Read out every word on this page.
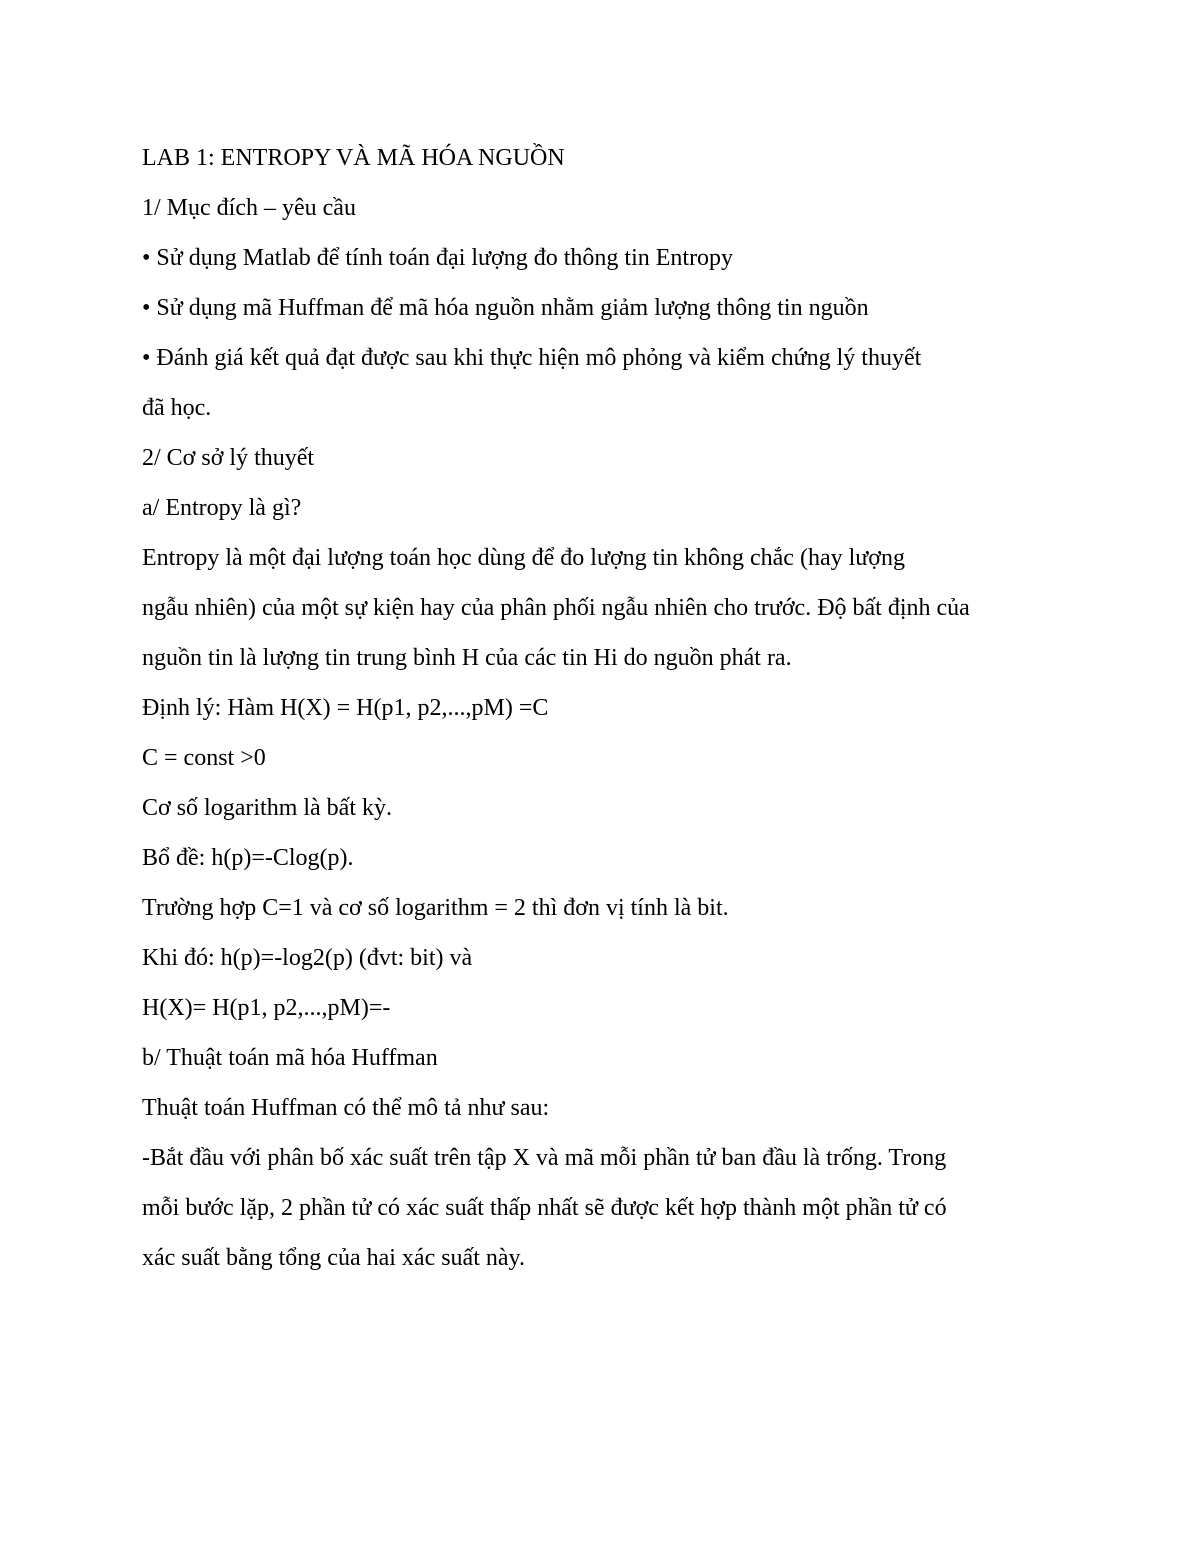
LAB 1: ENTROPY VÀ MÃ HÓA NGUỒN

1/ Mục đích – yêu cầu

• Sử dụng Matlab để tính toán đại lượng đo thông tin Entropy

• Sử dụng mã Huffman để mã hóa nguồn nhằm giảm lượng thông tin nguồn

• Đánh giá kết quả đạt được sau khi thực hiện mô phỏng và kiểm chứng lý thuyết

đã học.

2/ Cơ sở lý thuyết

a/ Entropy là gì?

Entropy là một đại lượng toán học dùng để đo lượng tin không chắc (hay lượng

ngẫu nhiên) của một sự kiện hay của phân phối ngẫu nhiên cho trước. Độ bất định của

nguồn tin là lượng tin trung bình H của các tin Hi do nguồn phát ra.

Định lý: Hàm H(X) = H(p1, p2,...,pM) =C

C = const >0

Cơ số logarithm là bất kỳ.

Bổ đề: h(p)=-Clog(p).

Trường hợp C=1 và cơ số logarithm = 2 thì đơn vị tính là bit.

Khi đó: h(p)=-log2(p) (đvt: bit) và

H(X)= H(p1, p2,...,pM)=-

b/ Thuật toán mã hóa Huffman

Thuật toán Huffman có thể mô tả như sau:

-Bắt đầu với phân bố xác suất trên tập X và mã mỗi phần tử ban đầu là trống. Trong

mỗi bước lặp, 2 phần tử có xác suất thấp nhất sẽ được kết hợp thành một phần tử có

xác suất bằng tổng của hai xác suất này.
